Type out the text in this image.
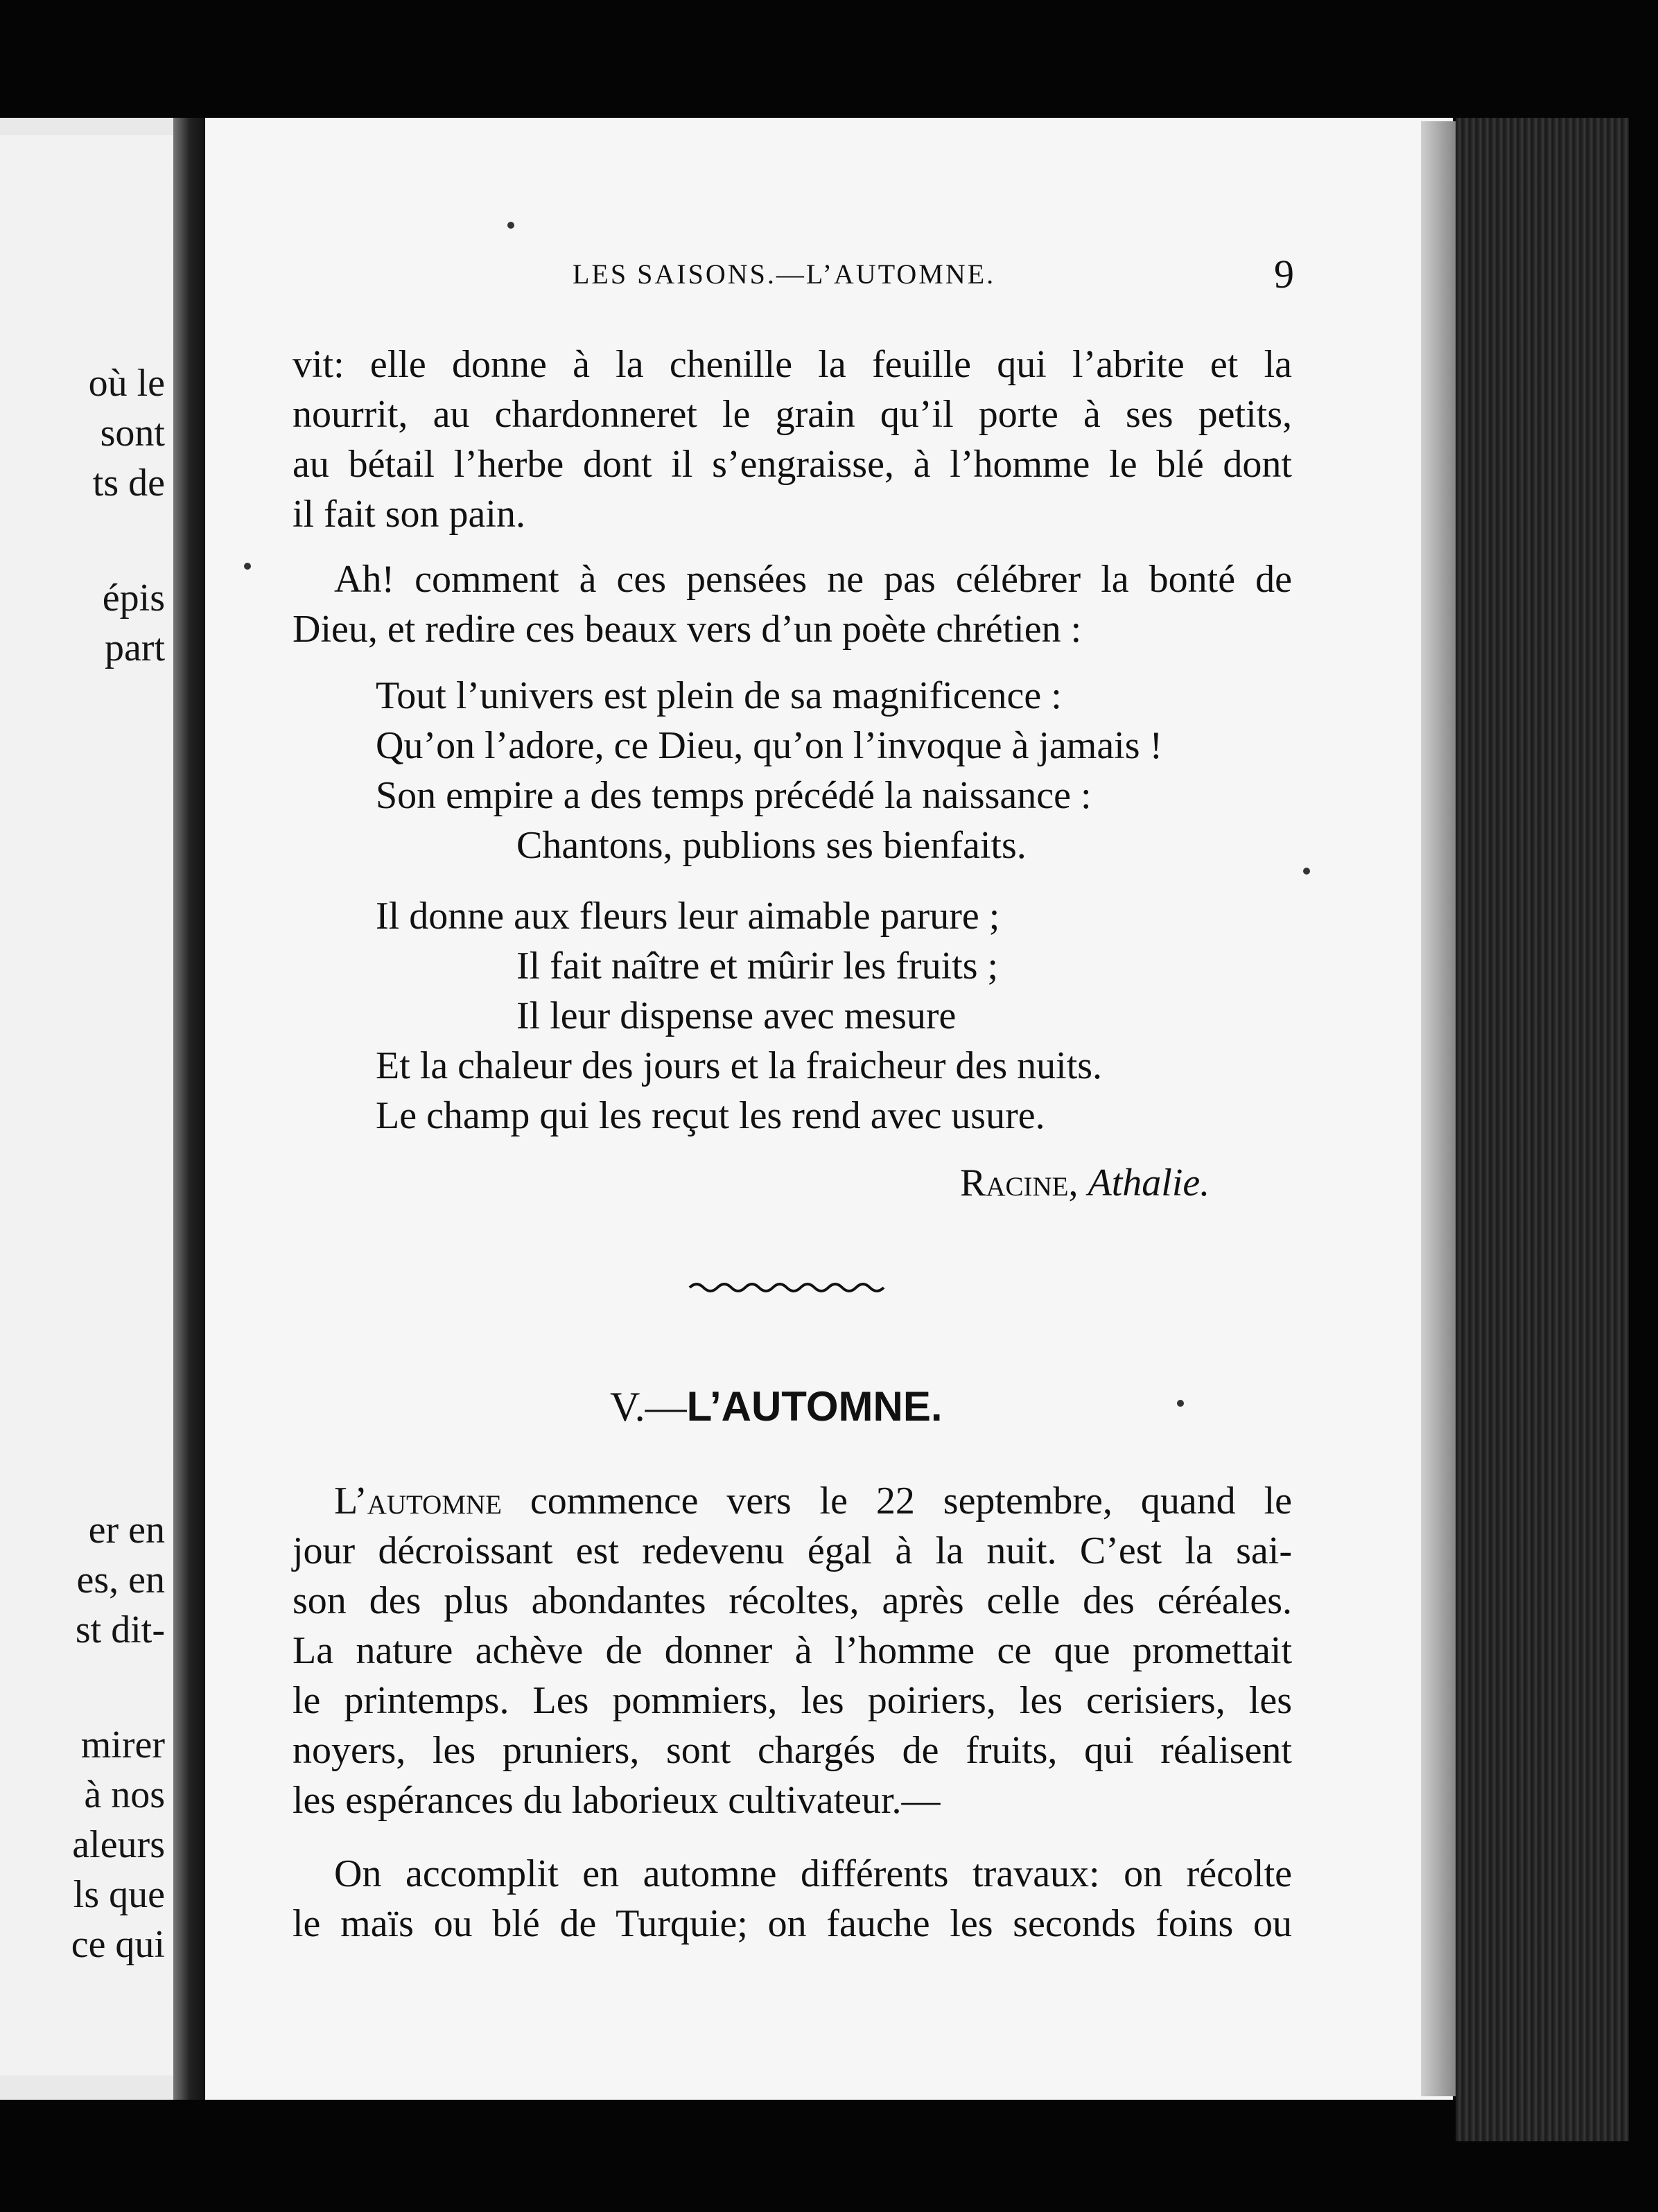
où le

sont

ts de

épis

part

er en

es, en

st dit-

mirer

à nos

aleurs

ls que

ce qui

LES SAISONS.—L’AUTOMNE.	9

vit: elle donne à la chenille la feuille qui l’abrite et la

nourrit, au chardonneret le grain qu’il porte à ses petits,

au bétail l’herbe dont il s’engraisse, à l’homme le blé dont

il fait son pain.

Ah! comment à ces pensées ne pas célébrer la bonté de

Dieu, et redire ces beaux vers d’un poète chrétien :

Tout l’univers est plein de sa magnificence :

Qu’on l’adore, ce Dieu, qu’on l’invoque à jamais !

Son empire a des temps précédé la naissance :

Chantons, publions ses bienfaits.

Il donne aux fleurs leur aimable parure ;

Il fait naître et mûrir les fruits ;

Il leur dispense avec mesure

Et la chaleur des jours et la fraicheur des nuits.

Le champ qui les reçut les rend avec usure.

Racine, Athalie.

V.—L’AUTOMNE.

L’automne commence vers le 22 septembre, quand le

jour décroissant est redevenu égal à la nuit. C’est la sai-

son des plus abondantes récoltes, après celle des céréales.

La nature achève de donner à l’homme ce que promettait

le printemps. Les pommiers, les poiriers, les cerisiers, les

noyers, les pruniers, sont chargés de fruits, qui réalisent

les espérances du laborieux cultivateur.—

On accomplit en automne différents travaux: on récolte

le maïs ou blé de Turquie; on fauche les seconds foins ou
